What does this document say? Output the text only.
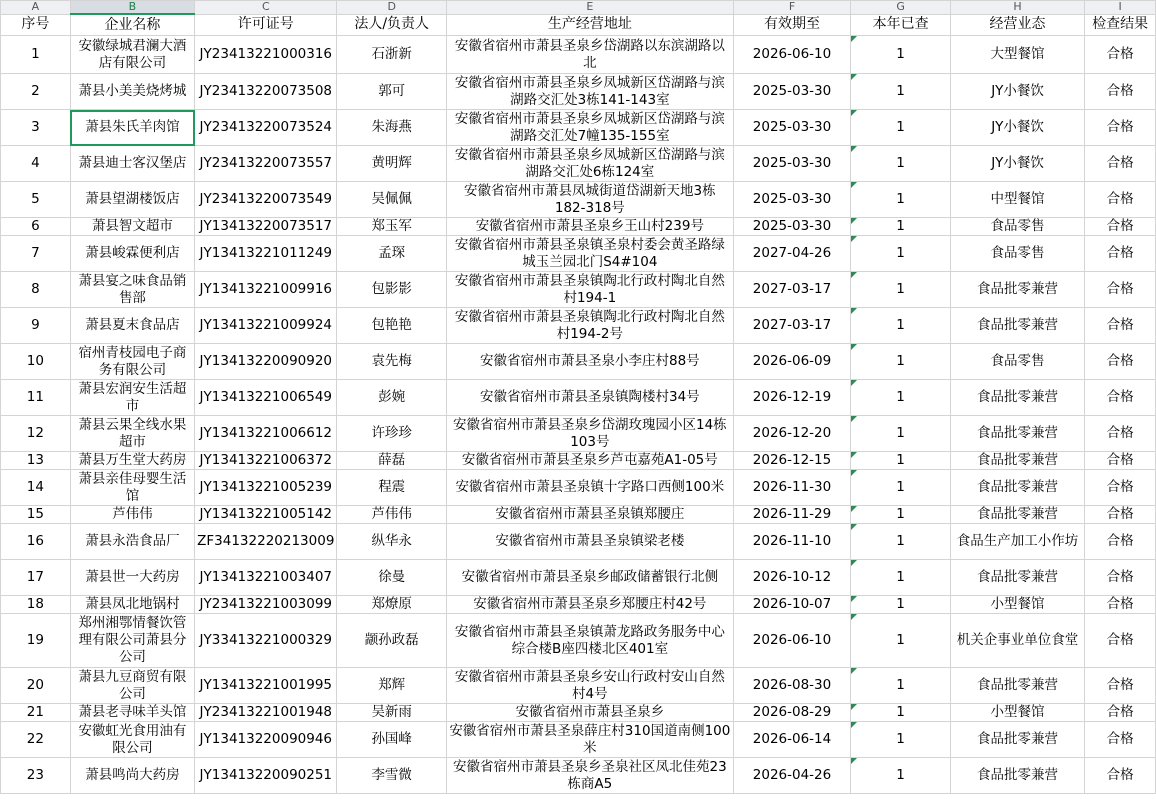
A	B	C	D	E	F	G	H	I
序号	企业名称	许可证号	法人/负责人	生产经营地址	有效期至	本年已查	经营业态	检查结果
1	安徽绿城君澜大酒店有限公司	JY23413221000316	石浙新	安徽省宿州市萧县圣泉乡岱湖路以东滨湖路以北	2026-06-10	1	大型餐馆	合格
2	萧县小美美烧烤城	JY23413220073508	郭可	安徽省宿州市萧县圣泉乡凤城新区岱湖路与滨湖路交汇处3栋141-143室	2025-03-30	1	JY小餐饮	合格
3	萧县朱氏羊肉馆	JY23413220073524	朱海燕	安徽省宿州市萧县圣泉乡凤城新区岱湖路与滨湖路交汇处7幢135-155室	2025-03-30	1	JY小餐饮	合格
4	萧县迪士客汉堡店	JY23413220073557	黄明辉	安徽省宿州市萧县圣泉乡凤城新区岱湖路与滨湖路交汇处6栋124室	2025-03-30	1	JY小餐饮	合格
5	萧县望湖楼饭店	JY23413220073549	吴佩佩	安徽省宿州市萧县凤城街道岱湖新天地3栋182-318号	2025-03-30	1	中型餐馆	合格
6	萧县智文超市	JY13413220073517	郑玉军	安徽省宿州市萧县圣泉乡王山村239号	2025-03-30	1	食品零售	合格
7	萧县峻霖便利店	JY13413221011249	孟琛	安徽省宿州市萧县圣泉镇圣泉村委会黄圣路绿城玉兰园北门S4#104	2027-04-26	1	食品零售	合格
8	萧县宴之味食品销售部	JY13413221009916	包影影	安徽省宿州市萧县圣泉镇陶北行政村陶北自然村194-1	2027-03-17	1	食品批零兼营	合格
9	萧县夏末食品店	JY13413221009924	包艳艳	安徽省宿州市萧县圣泉镇陶北行政村陶北自然村194-2号	2027-03-17	1	食品批零兼营	合格
10	宿州青枝园电子商务有限公司	JY13413220090920	袁先梅	安徽省宿州市萧县圣泉小李庄村88号	2026-06-09	1	食品零售	合格
11	萧县宏润安生活超市	JY13413221006549	彭婉	安徽省宿州市萧县圣泉镇陶楼村34号	2026-12-19	1	食品批零兼营	合格
12	萧县云果全线水果超市	JY13413221006612	许珍珍	安徽省宿州市萧县圣泉乡岱湖玫瑰园小区14栋103号	2026-12-20	1	食品批零兼营	合格
13	萧县万生堂大药房	JY13413221006372	薛磊	安徽省宿州市萧县圣泉乡芦屯嘉苑A1-05号	2026-12-15	1	食品批零兼营	合格
14	萧县亲佳母婴生活馆	JY13413221005239	程震	安徽省宿州市萧县圣泉镇十字路口西侧100米	2026-11-30	1	食品批零兼营	合格
15	芦伟伟	JY13413221005142	芦伟伟	安徽省宿州市萧县圣泉镇郑腰庄	2026-11-29	1	食品批零兼营	合格
16	萧县永浩食品厂	ZF34132220213009	纵华永	安徽省宿州市萧县圣泉镇梁老楼	2026-11-10	1	食品生产加工小作坊	合格
17	萧县世一大药房	JY13413221003407	徐曼	安徽省宿州市萧县圣泉乡邮政储蓄银行北侧	2026-10-12	1	食品批零兼营	合格
18	萧县凤北地锅村	JY23413221003099	郑燎原	安徽省宿州市萧县圣泉乡郑腰庄村42号	2026-10-07	1	小型餐馆	合格
19	郑州湘鄂情餐饮管理有限公司萧县分公司	JY33413221000329	颛孙政磊	安徽省宿州市萧县圣泉镇萧龙路政务服务中心综合楼B座四楼北区401室	2026-06-10	1	机关企事业单位食堂	合格
20	萧县九豆商贸有限公司	JY13413221001995	郑辉	安徽省宿州市萧县圣泉乡安山行政村安山自然村4号	2026-08-30	1	食品批零兼营	合格
21	萧县老寻味羊头馆	JY23413221001948	吴新雨	安徽省宿州市萧县圣泉乡	2026-08-29	1	小型餐馆	合格
22	安徽虹光食用油有限公司	JY13413220090946	孙国峰	安徽省宿州市萧县圣泉薛庄村310国道南侧100米	2026-06-14	1	食品批零兼营	合格
23	萧县鸣尚大药房	JY13413220090251	李雪微	安徽省宿州市萧县圣泉乡圣泉社区凤北佳苑23栋商A5	2026-04-26	1	食品批零兼营	合格
